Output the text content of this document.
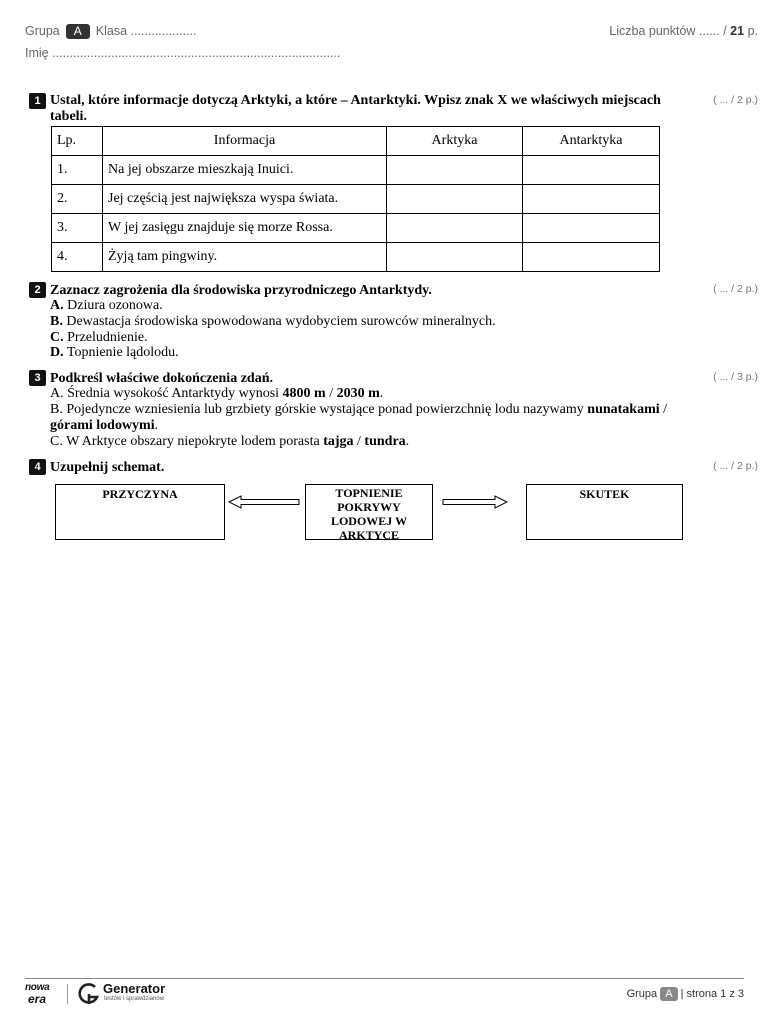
Grupa A Klasa ...................
Imię ...................................................................................
Liczba punktów ...... / 21 p.
1 Ustal, które informacje dotyczą Arktyki, a które – Antarktyki. Wpisz znak X we właściwych miejscach tabeli.
( ... / 2 p.)
Lp.	Informacja	Arktyka	Antarktyka
1.	Na jej obszarze mieszkają Inuici.		
2.	Jej częścią jest największa wyspa świata.		
3.	W jej zasięgu znajduje się morze Rossa.		
4.	Żyją tam pingwiny.		
2 Zaznacz zagrożenia dla środowiska przyrodniczego Antarktydy.	( ... / 2 p.)
A. Dziura ozonowa.
B. Dewastacja środowiska spowodowana wydobyciem surowców mineralnych.
C. Przeludnienie.
D. Topnienie lądolodu.
3 Podkreśl właściwe dokończenia zdań.	( ... / 3 p.)
A. Średnia wysokość Antarktydy wynosi 4800 m / 2030 m.
B. Pojedyncze wzniesienia lub grzbiety górskie wystające ponad powierzchnię lodu nazywamy nunatakami / górami lodowymi.
C. W Arktyce obszary niepokryte lodem porasta tajga / tundra.
4 Uzupełnij schemat.	( ... / 2 p.)
PRZYCZYNA	TOPNIENIE POKRYWY LODOWEJ W ARKTYCE
SKUTEK
nowa
era
Generator
testów i sprawdzianów	Grupa A | strona 1 z 3
